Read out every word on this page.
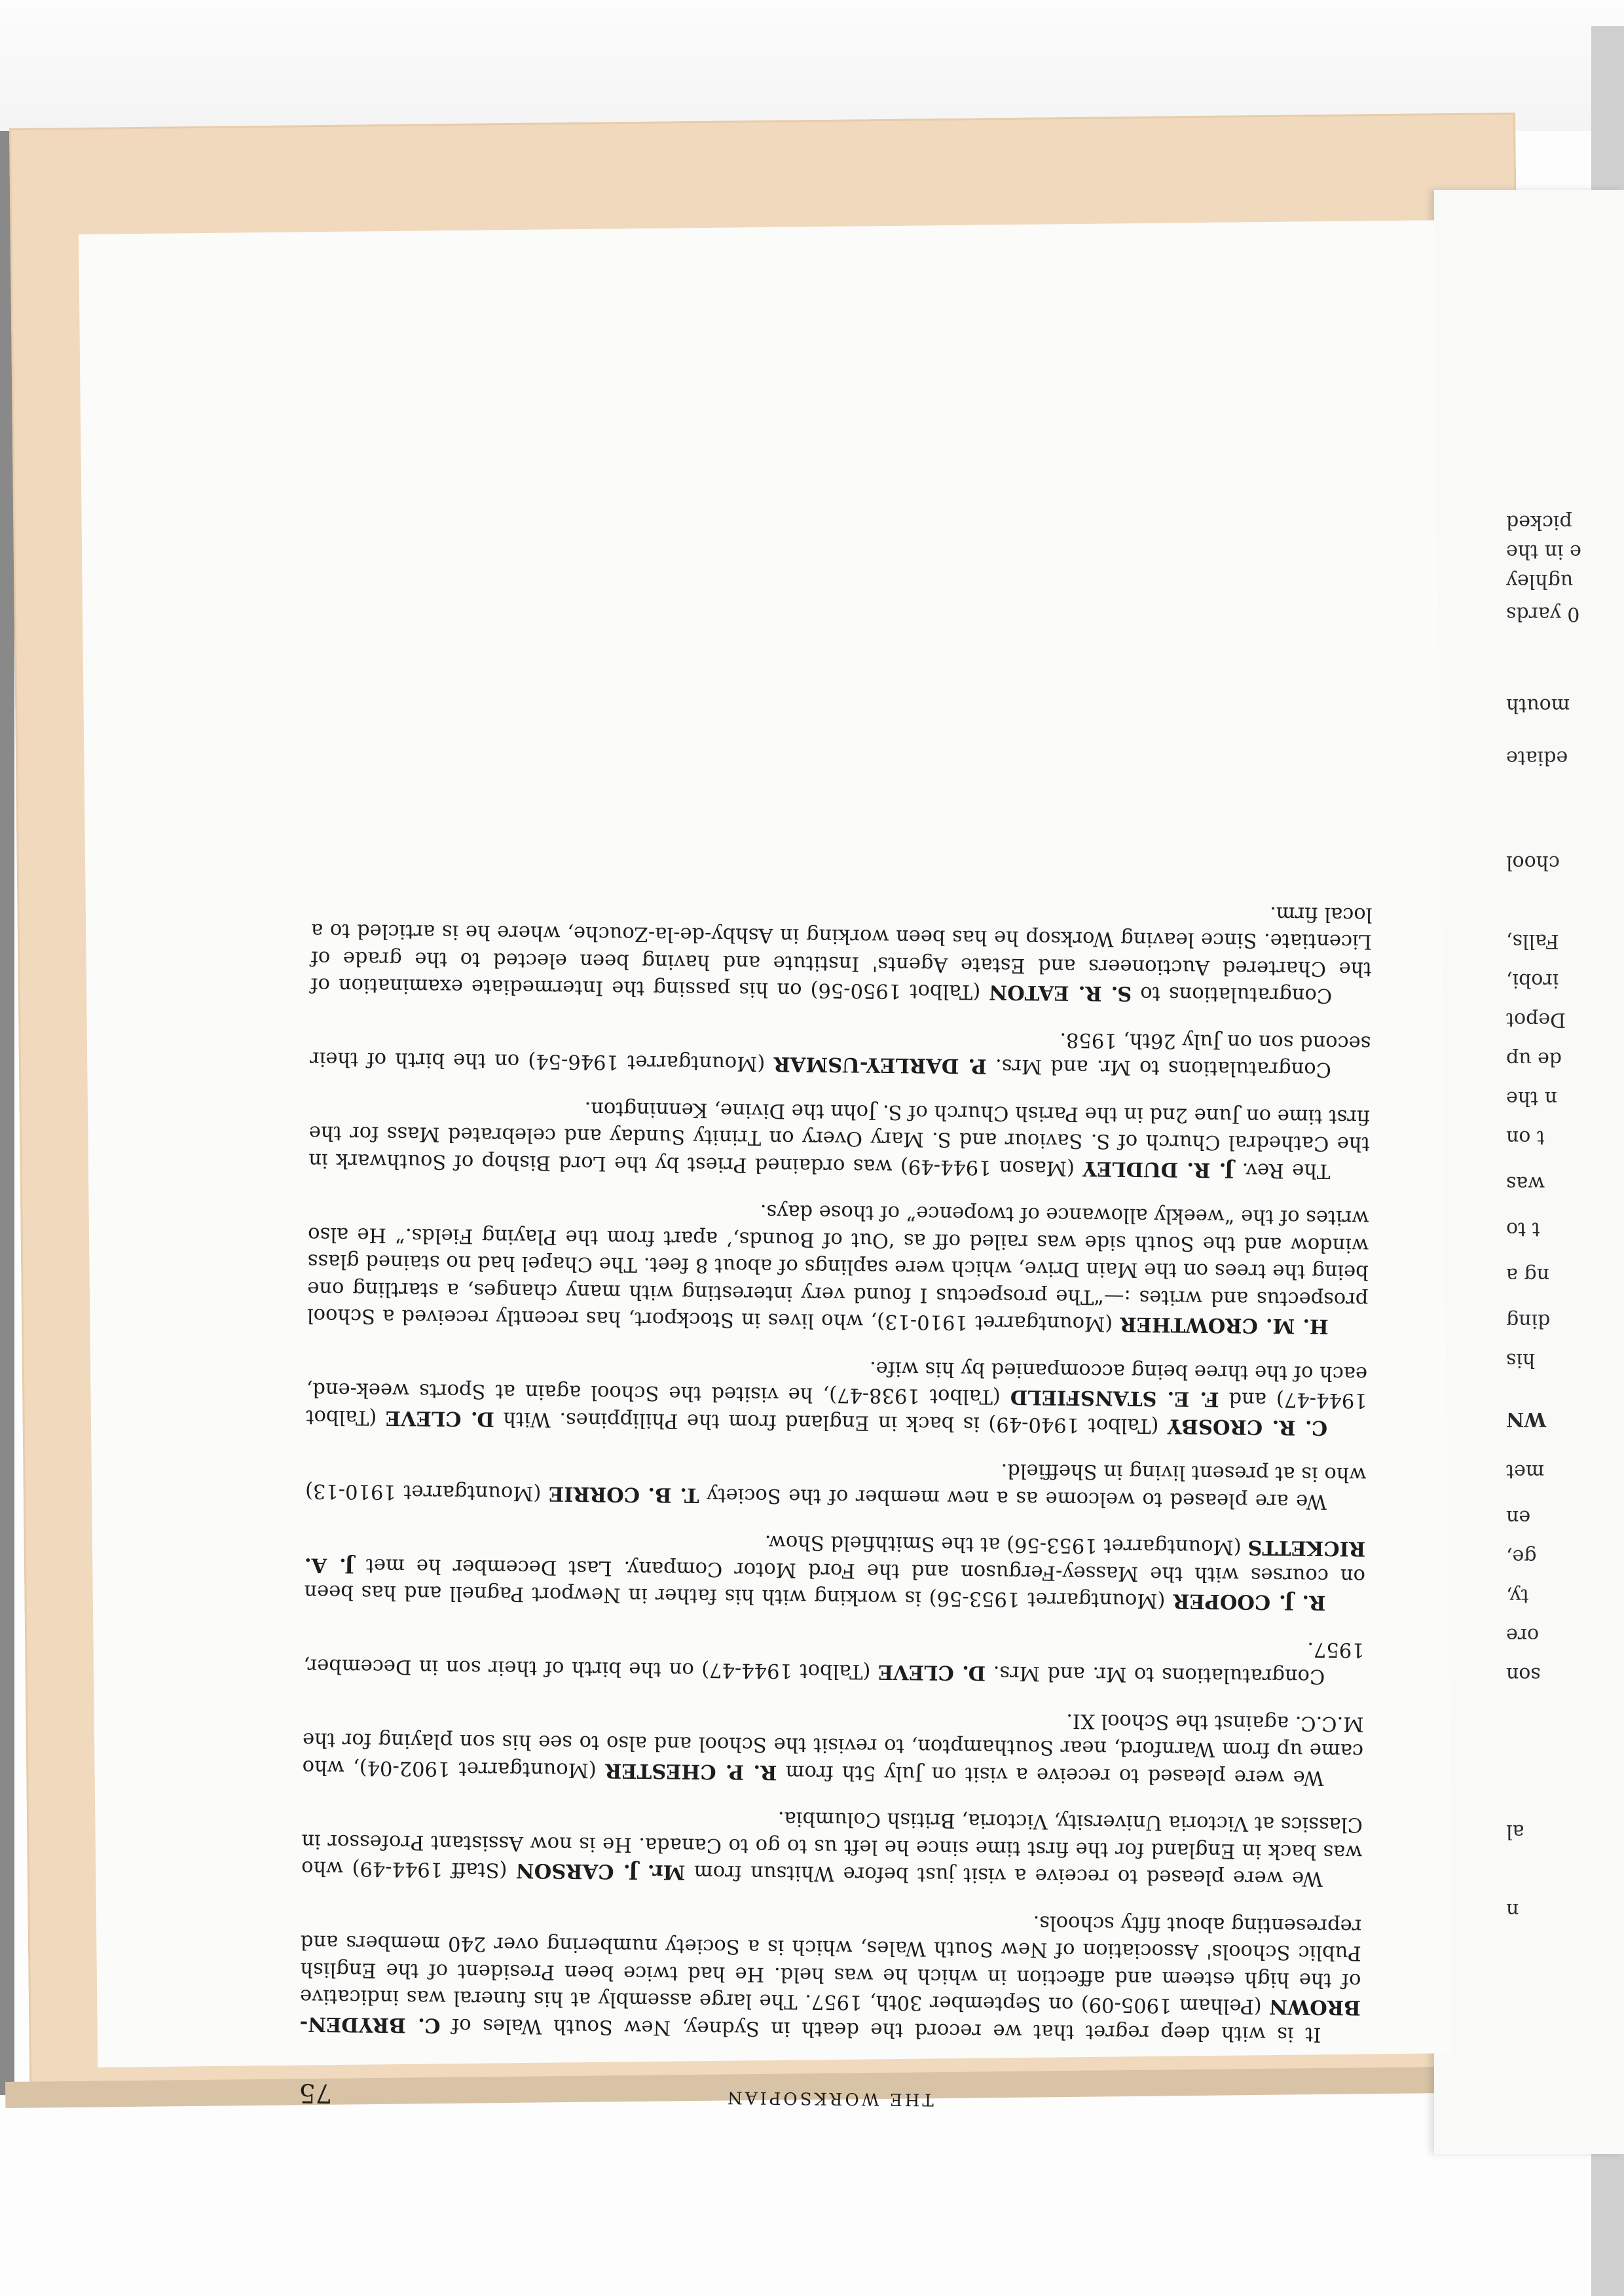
THE WORKSOPIAN
75

It is with deep regret that we record the death in Sydney, New South Wales of C. BRYDEN-BROWN (Pelham 1905-09) on September 30th, 1957. The large assembly at his funeral was indicative of the high esteem and affection in which he was held. He had twice been President of the English Public Schools' Association of New South Wales, which is a Society numbering over 240 members and representing about fifty schools.

We were pleased to receive a visit just before Whitsun from Mr. J. CARSON (Staff 1944-49) who was back in England for the first time since he left us to go to Canada. He is now Assistant Professor in Classics at Victoria University, Victoria, British Columbia.

We were pleased to receive a visit on July 5th from R. P. CHESTER (Mountgarret 1902-04), who came up from Warnford, near Southampton, to revisit the School and also to see his son playing for the M.C.C. against the School XI.

Congratulations to Mr. and Mrs. D. CLEVE (Talbot 1944-47) on the birth of their son in December, 1957.

R. J. COOPER (Mountgarret 1953-56) is working with his father in Newport Pagnell and has been on courses with the Massey-Ferguson and the Ford Motor Company. Last December he met J. A. RICKETTS (Mountgarret 1953-56) at the Smithfield Show.

We are pleased to welcome as a new member of the Society T. B. CORRIE (Mountgarret 1910-13) who is at present living in Sheffield.

C. R. CROSBY (Talbot 1940-49) is back in England from the Philippines. With D. CLEVE (Talbot 1944-47) and F. E. STANSFIELD (Talbot 1938-47), he visited the School again at Sports week-end, each of the three being accompanied by his wife.

H. M. CROWTHER (Mountgarret 1910-13), who lives in Stockport, has recently received a School prospectus and writes :—“The prospectus I found very interesting with many changes, a startling one being the trees on the Main Drive, which were saplings of about 8 feet. The Chapel had no stained glass window and the South side was railed off as ‘Out of Bounds,’ apart from the Playing Fields.” He also writes of the “weekly allowance of twopence” of those days.

The Rev. J. R. DUDLEY (Mason 1944-49) was ordained Priest by the Lord Bishop of Southwark in the Cathedral Church of S. Saviour and S. Mary Overy on Trinity Sunday and celebrated Mass for the first time on June 2nd in the Parish Church of S. John the Divine, Kennington.

Congratulations to Mr. and Mrs. P. DARLEY-USMAR (Mountgarret 1946-54) on the birth of their second son on July 26th, 1958.

Congratulations to S. R. EATON (Talbot 1950-56) on his passing the Intermediate examination of the Chartered Auctioneers and Estate Agents' Institute and having been elected to the grade of Licentiate. Since leaving Worksop he has been working in Ashby-de-la-Zouche, where he is articled to a local firm.

picked
e in the
ughley
0 yards
mouth
ediate
chool
Falls,
irobi,
Depot
de up
n the
t on
was
t to
ng a
ding
his
WN
met
en
ge,
ty,
ore
son
al
n
